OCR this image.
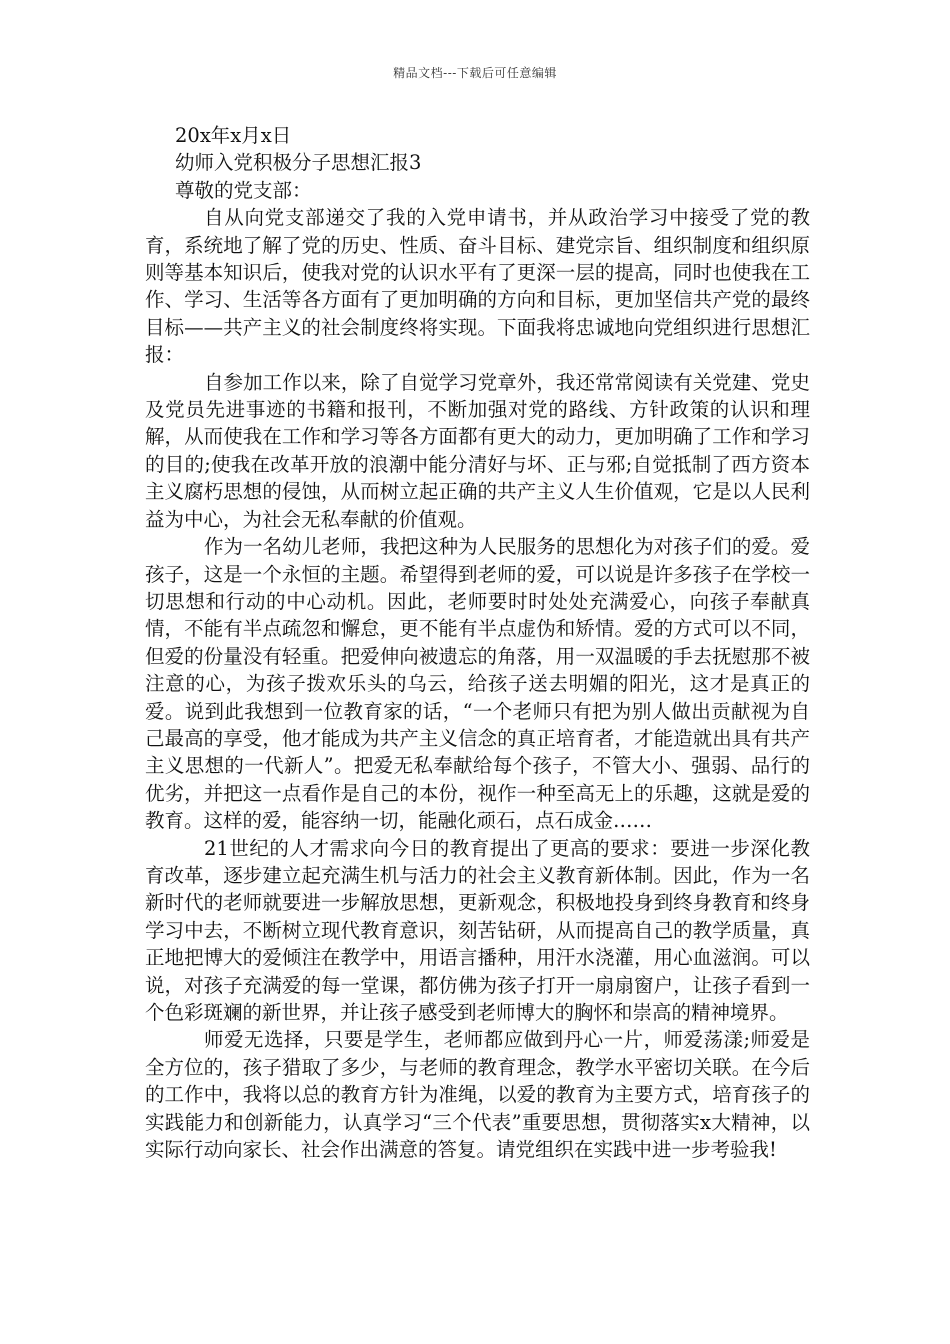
精品文档---下载后可任意编辑

20x年x月x日

幼师入党积极分子思想汇报3

尊敬的党支部：

自从向党支部递交了我的入党申请书，并从政治学习中接受了党的教育，系统地了解了党的历史、性质、奋斗目标、建党宗旨、组织制度和组织原则等基本知识后，使我对党的认识水平有了更深一层的提高，同时也使我在工作、学习、生活等各方面有了更加明确的方向和目标，更加坚信共产党的最终目标——共产主义的社会制度终将实现。下面我将忠诚地向党组织进行思想汇报：

自参加工作以来，除了自觉学习党章外，我还常常阅读有关党建、党史及党员先进事迹的书籍和报刊，不断加强对党的路线、方针政策的认识和理解，从而使我在工作和学习等各方面都有更大的动力，更加明确了工作和学习的目的;使我在改革开放的浪潮中能分清好与坏、正与邪;自觉抵制了西方资本主义腐朽思想的侵蚀，从而树立起正确的共产主义人生价值观，它是以人民利益为中心，为社会无私奉献的价值观。

作为一名幼儿老师，我把这种为人民服务的思想化为对孩子们的爱。爱孩子，这是一个永恒的主题。希望得到老师的爱，可以说是许多孩子在学校一切思想和行动的中心动机。因此，老师要时时处处充满爱心，向孩子奉献真情，不能有半点疏忽和懈怠，更不能有半点虚伪和矫情。爱的方式可以不同，但爱的份量没有轻重。把爱伸向被遗忘的角落，用一双温暖的手去抚慰那不被注意的心，为孩子拨欢乐头的乌云，给孩子送去明媚的阳光，这才是真正的爱。说到此我想到一位教育家的话，“一个老师只有把为别人做出贡献视为自己最高的享受，他才能成为共产主义信念的真正培育者，才能造就出具有共产主义思想的一代新人”。把爱无私奉献给每个孩子，不管大小、强弱、品行的优劣，并把这一点看作是自己的本份，视作一种至高无上的乐趣，这就是爱的教育。这样的爱，能容纳一切，能融化顽石，点石成金……

21世纪的人才需求向今日的教育提出了更高的要求：要进一步深化教育改革，逐步建立起充满生机与活力的社会主义教育新体制。因此，作为一名新时代的老师就要进一步解放思想，更新观念，积极地投身到终身教育和终身学习中去，不断树立现代教育意识，刻苦钻研，从而提高自己的教学质量，真正地把博大的爱倾注在教学中，用语言播种，用汗水浇灌，用心血滋润。可以说，对孩子充满爱的每一堂课，都仿佛为孩子打开一扇扇窗户，让孩子看到一个色彩斑斓的新世界，并让孩子感受到老师博大的胸怀和崇高的精神境界。

师爱无选择，只要是学生，老师都应做到丹心一片，师爱荡漾;师爱是全方位的，孩子猎取了多少，与老师的教育理念，教学水平密切关联。在今后的工作中，我将以总的教育方针为准绳，以爱的教育为主要方式，培育孩子的实践能力和创新能力，认真学习“三个代表”重要思想，贯彻落实x大精神，以实际行动向家长、社会作出满意的答复。请党组织在实践中进一步考验我!
